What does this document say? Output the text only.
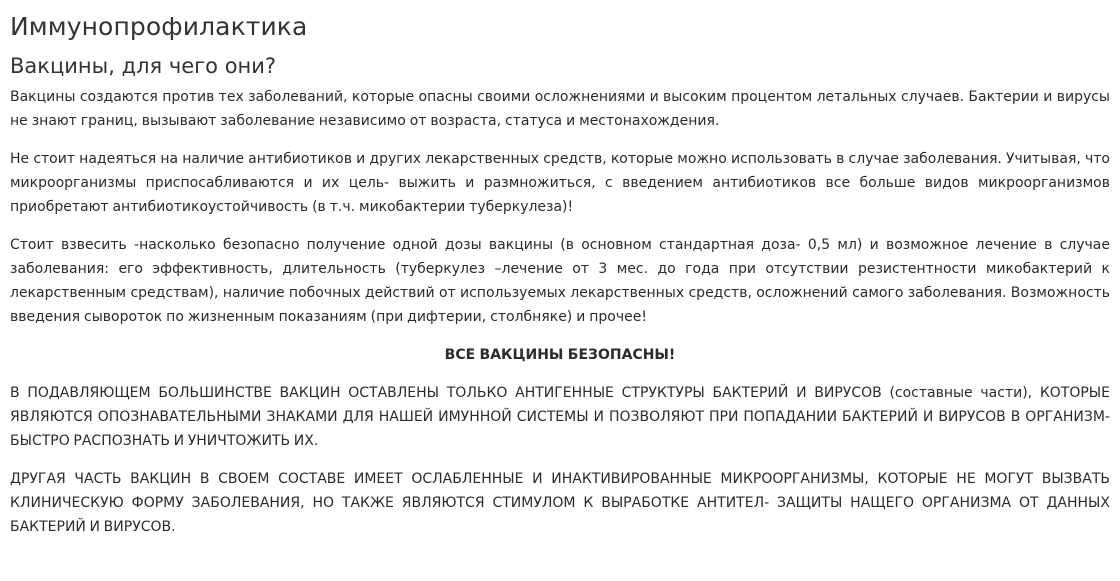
Иммунопрофилактика
Вакцины, для чего они?

Вакцины создаются против тех заболеваний, которые опасны своими осложнениями и высоким процентом летальных случаев. Бактерии и вирусы не знают границ, вызывают заболевание независимо от возраста, статуса и местонахождения.

Не стоит надеяться на наличие антибиотиков и других лекарственных средств, которые можно использовать в случае заболевания. Учитывая, что микроорганизмы приспосабливаются и их цель- выжить и размножиться, с введением антибиотиков все больше видов микроорганизмов приобретают антибиотикоустойчивость (в т.ч. микобактерии туберкулеза)!

Стоит взвесить -насколько безопасно получение одной дозы вакцины (в основном стандартная доза- 0,5 мл) и возможное лечение в случае заболевания: его эффективность, длительность (туберкулез –лечение от 3 мес. до года при отсутствии резистентности микобактерий к лекарственным средствам), наличие побочных действий от используемых лекарственных средств, осложнений самого заболевания. Возможность введения сывороток по жизненным показаниям (при дифтерии, столбняке) и прочее!

ВСЕ ВАКЦИНЫ БЕЗОПАСНЫ!

В ПОДАВЛЯЮЩЕМ БОЛЬШИНСТВЕ ВАКЦИН ОСТАВЛЕНЫ ТОЛЬКО АНТИГЕННЫЕ СТРУКТУРЫ БАКТЕРИЙ И ВИРУСОВ (составные части), КОТОРЫЕ ЯВЛЯЮТСЯ ОПОЗНАВАТЕЛЬНЫМИ ЗНАКАМИ ДЛЯ НАШЕЙ ИМУННОЙ СИСТЕМЫ И ПОЗВОЛЯЮТ ПРИ ПОПАДАНИИ БАКТЕРИЙ И ВИРУСОВ В ОРГАНИЗМ- БЫСТРО РАСПОЗНАТЬ И УНИЧТОЖИТЬ ИХ.

ДРУГАЯ ЧАСТЬ ВАКЦИН В СВОЕМ СОСТАВЕ ИМЕЕТ ОСЛАБЛЕННЫЕ И ИНАКТИВИРОВАННЫЕ МИКРООРГАНИЗМЫ, КОТОРЫЕ НЕ МОГУТ ВЫЗВАТЬ КЛИНИЧЕСКУЮ ФОРМУ ЗАБОЛЕВАНИЯ, НО ТАКЖЕ ЯВЛЯЮТСЯ СТИМУЛОМ К ВЫРАБОТКЕ АНТИТЕЛ- ЗАЩИТЫ НАЩЕГО ОРГАНИЗМА ОТ ДАННЫХ БАКТЕРИЙ И ВИРУСОВ.
